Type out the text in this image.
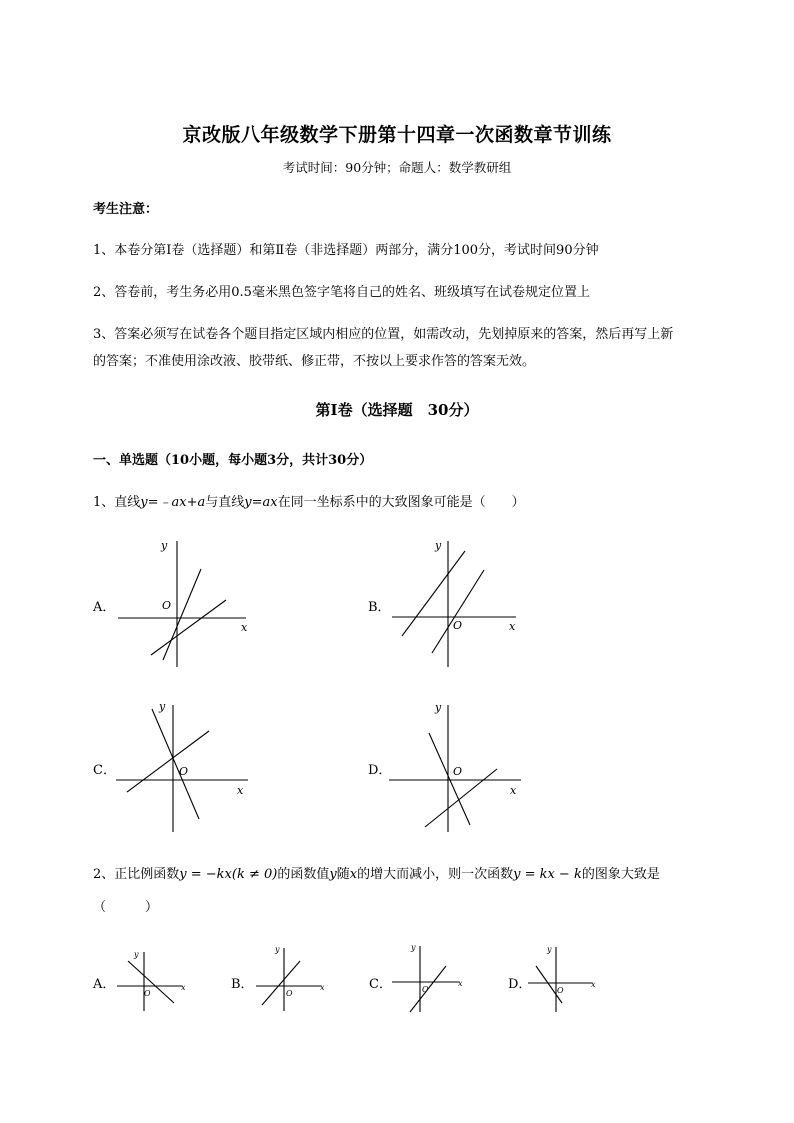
京改版八年级数学下册第十四章一次函数章节训练
考试时间：90分钟；命题人：数学教研组
考生注意：
1、本卷分第I卷（选择题）和第Ⅱ卷（非选择题）两部分，满分100分，考试时间90分钟
2、答卷前，考生务必用0.5毫米黑色签字笔将自己的姓名、班级填写在试卷规定位置上
3、答案必须写在试卷各个题目指定区域内相应的位置，如需改动，先划掉原来的答案，然后再写上新
的答案；不准使用涂改液、胶带纸、修正带，不按以上要求作答的答案无效。
第I卷（选择题　30分）
一、单选题（10小题，每小题3分，共计30分）
1、直线y=﹣ax+a与直线y=ax在同一坐标系中的大致图象可能是（　　）
A．	B．
C．	D．
x
y
O
x
y
O
x
y
O
x
y
O
2、正比例函数y = −kx(k ≠ 0)的函数值y随x的增大而减小，则一次函数y = kx − k的图象大致是
（　　　）
A．	B．	C．	D．
x
y
O
x
y
O
x
y
O
x
y
O
